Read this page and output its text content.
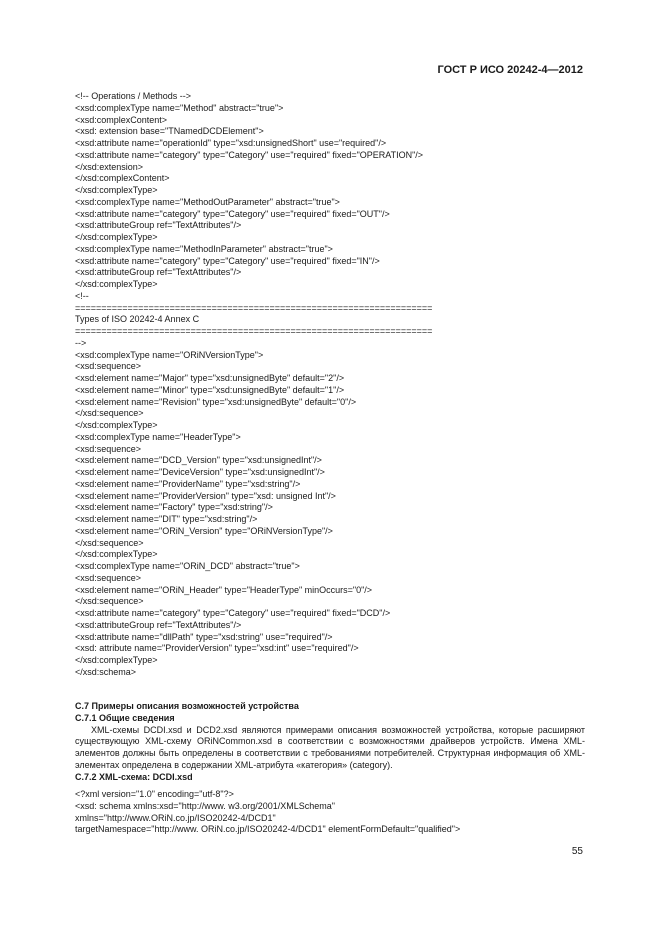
ГОСТ Р ИСО 20242-4—2012
<!-- Operations / Methods -->
<xsd:complexType name="Method" abstract="true">
<xsd:complexContent>
<xsd: extension base="TNamedDCDElement">
<xsd:attribute name="operationId" type="xsd:unsignedShort" use="required"/>
<xsd:attribute name="category" type="Category" use="required" fixed="OPERATION"/>
</xsd:extension>
</xsd:complexContent>
</xsd:complexType>
<xsd:complexType name="MethodOutParameter" abstract="true">
<xsd:attribute name="category" type="Category" use="required" fixed="OUT"/>
<xsd:attributeGroup ref="TextAttributes"/>
</xsd:complexType>
<xsd:complexType name="MethodInParameter" abstract="true">
<xsd:attribute name="category" type="Category" use="required" fixed="IN"/>
<xsd:attributeGroup ref="TextAttributes"/>
</xsd:complexType>
<!--
====================================================================
Types of ISO 20242-4 Annex C
====================================================================
-->
<xsd:complexType name="ORiNVersionType">
<xsd:sequence>
<xsd:element name="Major" type="xsd:unsignedByte" default="2"/>
<xsd:element name="Minor" type="xsd:unsignedByte" default="1"/>
<xsd:element name="Revision" type="xsd:unsignedByte" default="0"/>
</xsd:sequence>
</xsd:complexType>
<xsd:complexType name="HeaderType">
<xsd:sequence>
<xsd:element name="DCD_Version" type="xsd:unsignedInt"/>
<xsd:element name="DeviceVersion" type="xsd:unsignedInt"/>
<xsd:element name="ProviderName" type="xsd:string"/>
<xsd:element name="ProviderVersion" type="xsd: unsigned Int"/>
<xsd:element name="Factory" type="xsd:string"/>
<xsd:element name="DIT" type="xsd:string"/>
<xsd:element name="ORiN_Version" type="ORiNVersionType"/>
</xsd:sequence>
</xsd:complexType>
<xsd:complexType name="ORiN_DCD" abstract="true">
<xsd:sequence>
<xsd:element name="ORiN_Header" type="HeaderType" minOccurs="0"/>
</xsd:sequence>
<xsd:attribute name="category" type="Category" use="required" fixed="DCD"/>
<xsd:attributeGroup ref="TextAttributes"/>
<xsd:attribute name="dllPath" type="xsd:string" use="required"/>
<xsd: attribute name="ProviderVersion" type="xsd:int" use="required"/>
</xsd:complexType>
</xsd:schema>
С.7 Примеры описания возможностей устройства
С.7.1 Общие сведения

XML-схемы DCDI.xsd и DCD2.xsd являются примерами описания возможностей устройства, которые расширяют существующую XML-схему ORiNCommon.xsd в соответствии с возможностями драйверов устройств. Имена XML-элементов должны быть определены в соответствии с требованиями потребителей. Структурная информация об XML-элементах определена в содержании XML-атрибута «категория» (category).

С.7.2 XML-схема: DCDI.xsd
<?xml version="1.0" encoding="utf-8"?>
<xsd: schema xmlns:xsd="http://www. w3.org/2001/XMLSchema"
xmlns="http://www.ORiN.co.jp/ISO20242-4/DCD1"
targetNamespace="http://www. ORiN.co.jp/ISO20242-4/DCD1" elementFormDefault="qualified">
55
